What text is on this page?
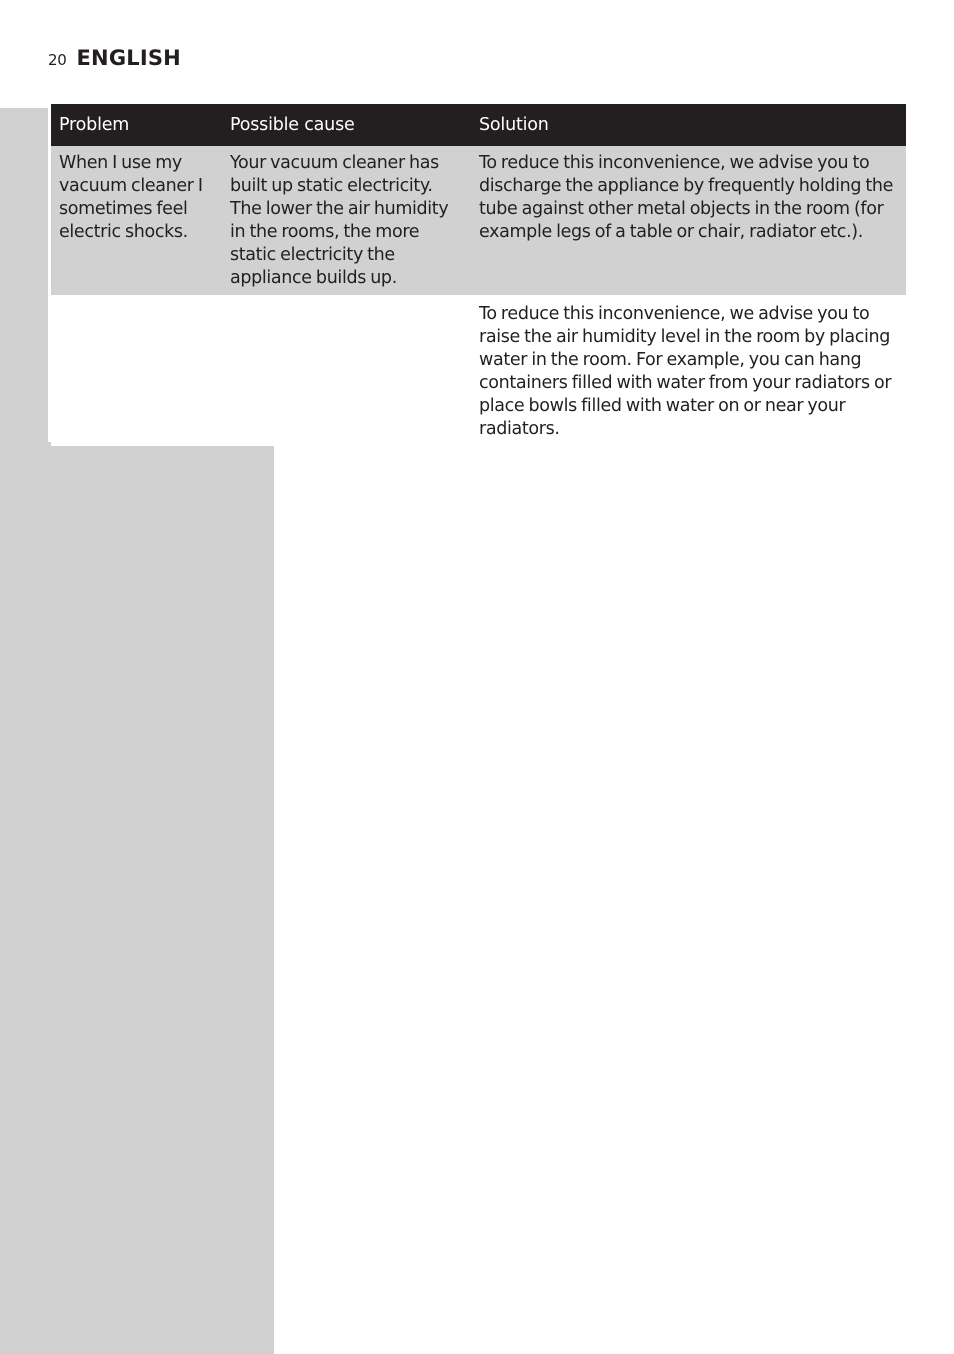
20 ENGLISH
Problem	Possible cause	Solution
When I use my vacuum cleaner I sometimes feel electric shocks.	Your vacuum cleaner has built up static electricity. The lower the air humidity in the rooms, the more static electricity the appliance builds up.	To reduce this inconvenience, we advise you to discharge the appliance by frequently holding the tube against other metal objects in the room (for example legs of a table or chair, radiator etc.).
		To reduce this inconvenience, we advise you to raise the air humidity level in the room by placing water in the room. For example, you can hang containers filled with water from your radiators or place bowls filled with water on or near your radiators.
